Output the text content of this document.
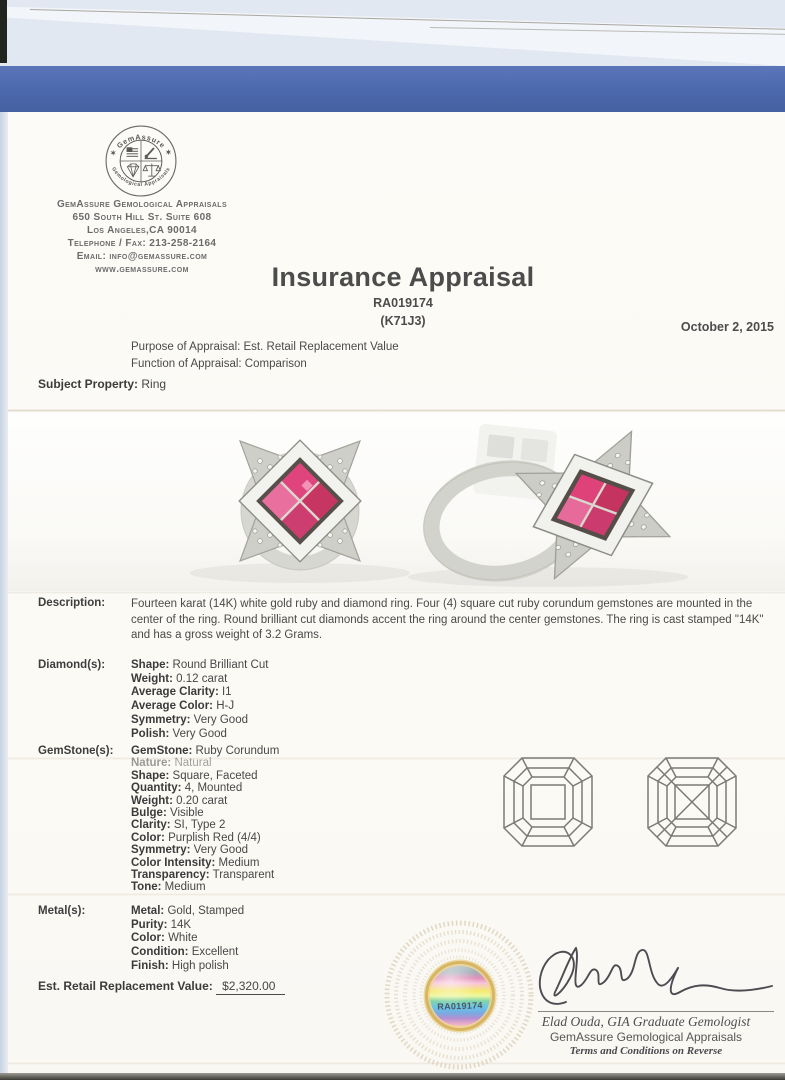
✶ GemAssure ✶
Gemological Appraisals
GemAssure Gemological Appraisals
650 South Hill St. Suite 608
Los Angeles,CA 90014
Telephone / Fax: 213-258-2164
Email: info@gemassure.com
www.gemassure.com	Insurance Appraisal
RA019174
(K71J3)	October 2, 2015
Purpose of Appraisal: Est. Retail Replacement Value
Function of Appraisal: Comparison
Subject Property: Ring
Description: Fourteen karat (14K) white gold ruby and diamond ring. Four (4) square cut ruby corundum gemstones are mounted in the center of the ring. Round brilliant cut diamonds accent the ring around the center gemstones. The ring is cast stamped "14K" and has a gross weight of 3.2 Grams.
Diamond(s): Shape: Round Brilliant Cut
Weight: 0.12 carat
Average Clarity: I1
Average Color: H-J
Symmetry: Very Good
Polish: Very Good
GemStone(s): GemStone: Ruby Corundum
Nature: Natural
Shape: Square, Faceted
Quantity: 4, Mounted
Weight: 0.20 carat
Bulge: Visible
Clarity: SI, Type 2
Color: Purplish Red (4/4)
Symmetry: Very Good
Color Intensity: Medium
Transparency: Transparent
Tone: Medium
Metal(s):	Metal: Gold, Stamped
Purity: 14K
Color: White
Condition: Excellent
Finish: High polish
Est. Retail Replacement Value: $2,320.00
RA019174
Elad Ouda, GIA Graduate Gemologist
GemAssure Gemological Appraisals
Terms and Conditions on Reverse
